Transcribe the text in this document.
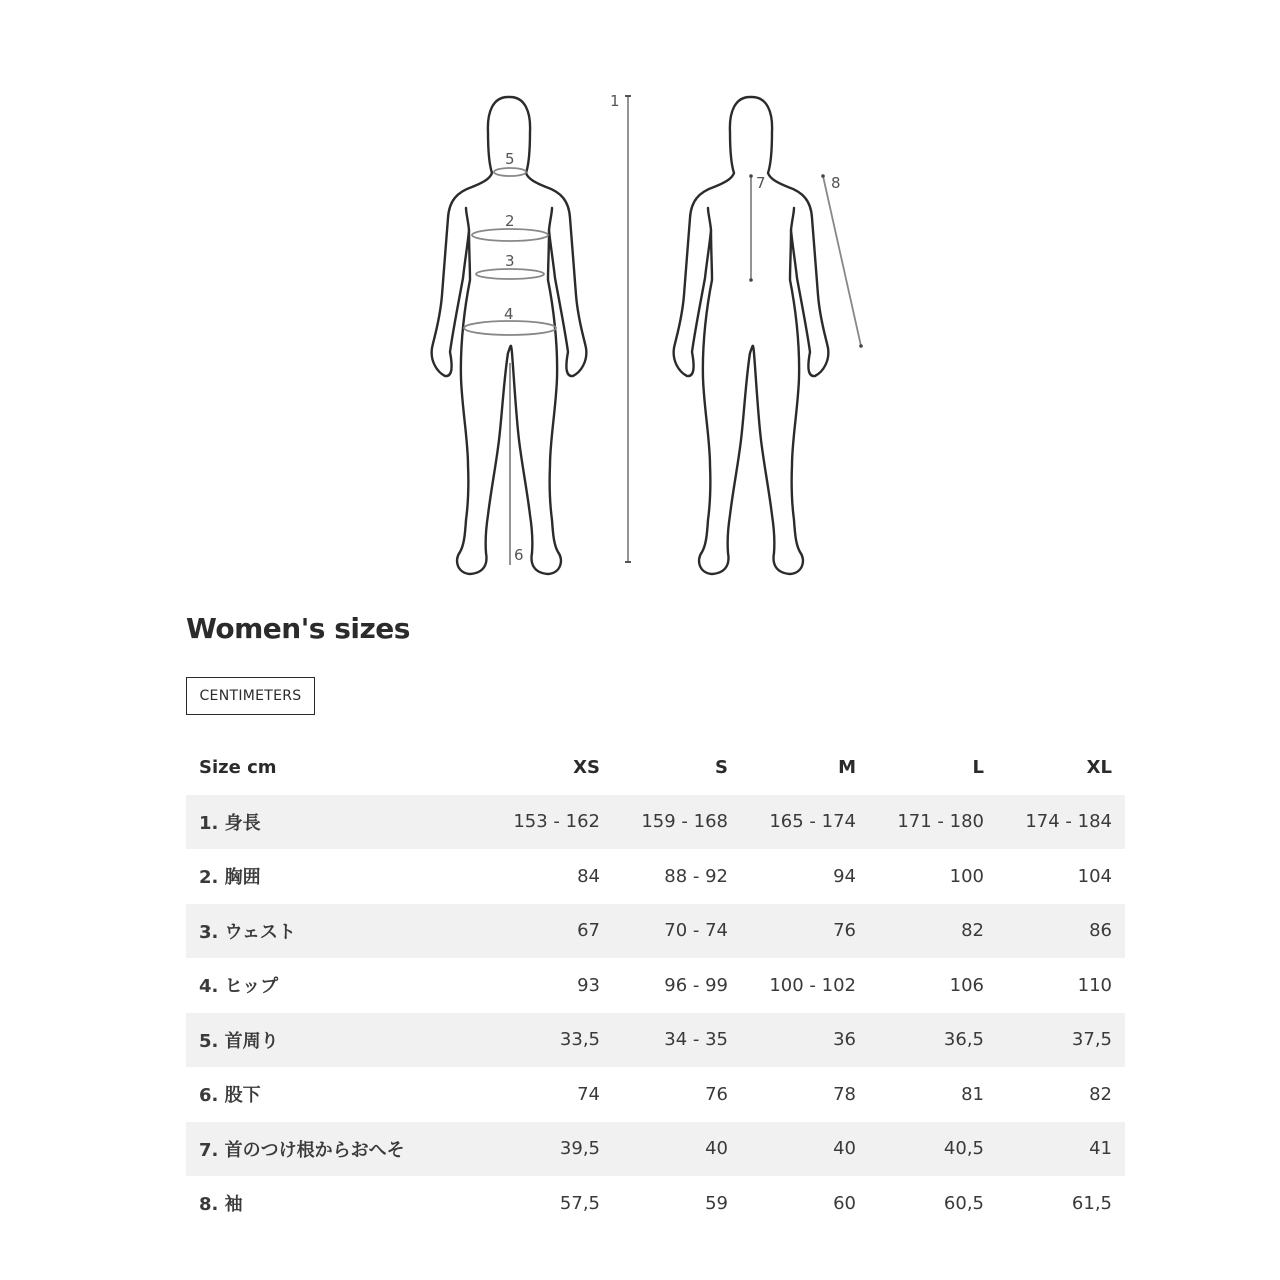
1
2
3
4
5
6
7	8
Women's sizes
CENTIMETERS
Size cm	XS	S	M	L	XL
1. 身長	153 - 162	159 - 168	165 - 174	171 - 180	174 - 184
2. 胸囲	84	88 - 92	94	100	104
3. ウェスト	67	70 - 74	76	82	86
4. ヒップ	93	96 - 99	100 - 102	106	110
5. 首周り	33,5	34 - 35	36	36,5	37,5
6. 股下	74	76	78	81	82
7. 首のつけ根からおへそ	39,5	40	40	40,5	41
8. 袖	57,5	59	60	60,5	61,5
